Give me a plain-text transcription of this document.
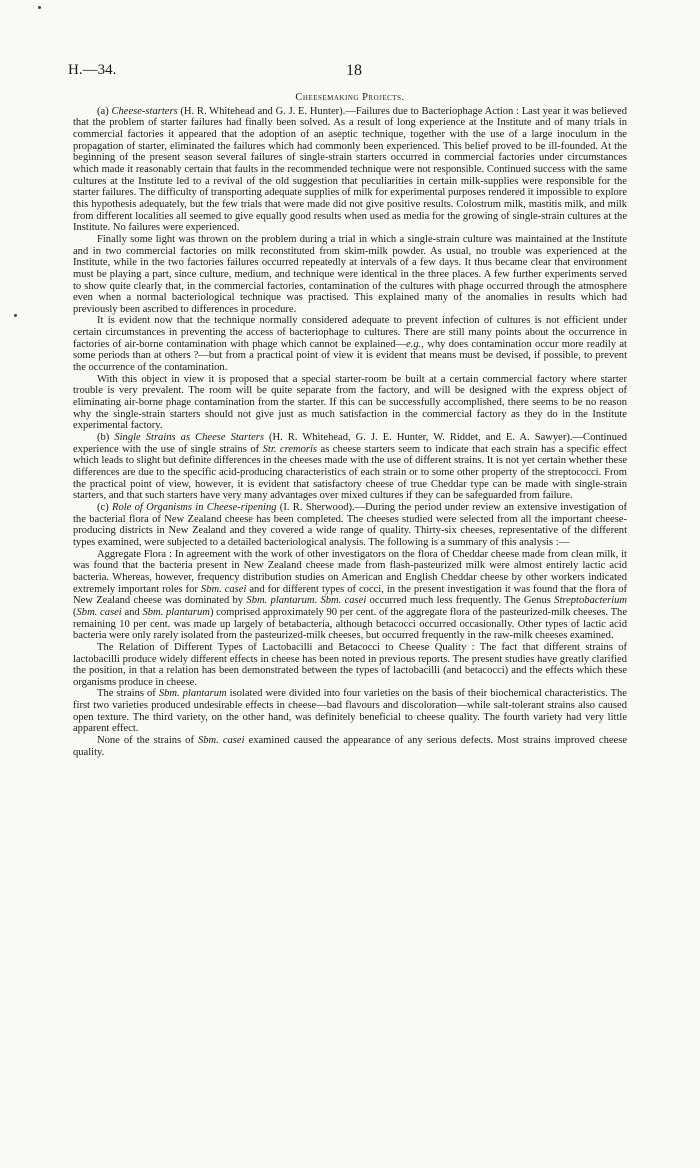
H.—34.	18
Cheesemaking Projects.

(a) Cheese-starters (H. R. Whitehead and G. J. E. Hunter).—Failures due to Bacteriophage Action : Last year it was believed that the problem of starter failures had finally been solved. As a result of long experience at the Institute and of many trials in commercial factories it appeared that the adoption of an aseptic technique, together with the use of a large inoculum in the propagation of starter, eliminated the failures which had commonly been experienced. This belief proved to be ill-founded. At the beginning of the present season several failures of single-strain starters occurred in commercial factories under circumstances which made it reasonably certain that faults in the recommended technique were not responsible. Continued success with the same cultures at the Institute led to a revival of the old suggestion that peculiarities in certain milk-supplies were responsible for the starter failures. The difficulty of transporting adequate supplies of milk for experimental purposes rendered it impossible to explore this hypothesis adequately, but the few trials that were made did not give positive results. Colostrum milk, mastitis milk, and milk from different localities all seemed to give equally good results when used as media for the growing of single-strain cultures at the Institute. No failures were experienced.

Finally some light was thrown on the problem during a trial in which a single-strain culture was maintained at the Institute and in two commercial factories on milk reconstituted from skim-milk powder. As usual, no trouble was experienced at the Institute, while in the two factories failures occurred repeatedly at intervals of a few days. It thus became clear that environment must be playing a part, since culture, medium, and technique were identical in the three places. A few further experiments served to show quite clearly that, in the commercial factories, contamination of the cultures with phage occurred through the atmosphere even when a normal bacteriological technique was practised. This explained many of the anomalies in results which had previously been ascribed to differences in procedure.

It is evident now that the technique normally considered adequate to prevent infection of cultures is not efficient under certain circumstances in preventing the access of bacteriophage to cultures. There are still many points about the occurrence in factories of air-borne contamination with phage which cannot be explained—e.g., why does contamination occur more readily at some periods than at others ?—but from a practical point of view it is evident that means must be devised, if possible, to prevent the occurrence of the contamination.

With this object in view it is proposed that a special starter-room be built at a certain commercial factory where starter trouble is very prevalent. The room will be quite separate from the factory, and will be designed with the express object of eliminating air-borne phage contamination from the starter. If this can be successfully accomplished, there seems to be no reason why the single-strain starters should not give just as much satisfaction in the commercial factory as they do in the Institute experimental factory.

(b) Single Strains as Cheese Starters (H. R. Whitehead, G. J. E. Hunter, W. Riddet, and E. A. Sawyer).—Continued experience with the use of single strains of Str. cremoris as cheese starters seem to indicate that each strain has a specific effect which leads to slight but definite differences in the cheeses made with the use of different strains. It is not yet certain whether these differences are due to the specific acid-producing characteristics of each strain or to some other property of the streptococci. From the practical point of view, however, it is evident that satisfactory cheese of true Cheddar type can be made with single-strain starters, and that such starters have very many advantages over mixed cultures if they can be safeguarded from failure.

(c) Role of Organisms in Cheese-ripening (I. R. Sherwood).—During the period under review an extensive investigation of the bacterial flora of New Zealand cheese has been completed. The cheeses studied were selected from all the important cheese-producing districts in New Zealand and they covered a wide range of quality. Thirty-six cheeses, representative of the different types examined, were subjected to a detailed bacteriological analysis. The following is a summary of this analysis :—

Aggregate Flora : In agreement with the work of other investigators on the flora of Cheddar cheese made from clean milk, it was found that the bacteria present in New Zealand cheese made from flash-pasteurized milk were almost entirely lactic acid bacteria. Whereas, however, frequency distribution studies on American and English Cheddar cheese by other workers indicated extremely important roles for Sbm. casei and for different types of cocci, in the present investigation it was found that the flora of New Zealand cheese was dominated by Sbm. plantarum. Sbm. casei occurred much less frequently. The Genus Streptobacterium (Sbm. casei and Sbm. plantarum) comprised approximately 90 per cent. of the aggregate flora of the pasteurized-milk cheeses. The remaining 10 per cent. was made up largely of betabacteria, although betacocci occurred occasionally. Other types of lactic acid bacteria were only rarely isolated from the pasteurized-milk cheeses, but occurred frequently in the raw-milk cheeses examined.

The Relation of Different Types of Lactobacilli and Betacocci to Cheese Quality : The fact that different strains of lactobacilli produce widely different effects in cheese has been noted in previous reports. The present studies have greatly clarified the position, in that a relation has been demonstrated between the types of lactobacilli (and betacocci) and the effects which these organisms produce in cheese.

The strains of Sbm. plantarum isolated were divided into four varieties on the basis of their biochemical characteristics. The first two varieties produced undesirable effects in cheese—bad flavours and discoloration—while salt-tolerant strains also caused open texture. The third variety, on the other hand, was definitely beneficial to cheese quality. The fourth variety had very little apparent effect.

None of the strains of Sbm. casei examined caused the appearance of any serious defects. Most strains improved cheese quality.
